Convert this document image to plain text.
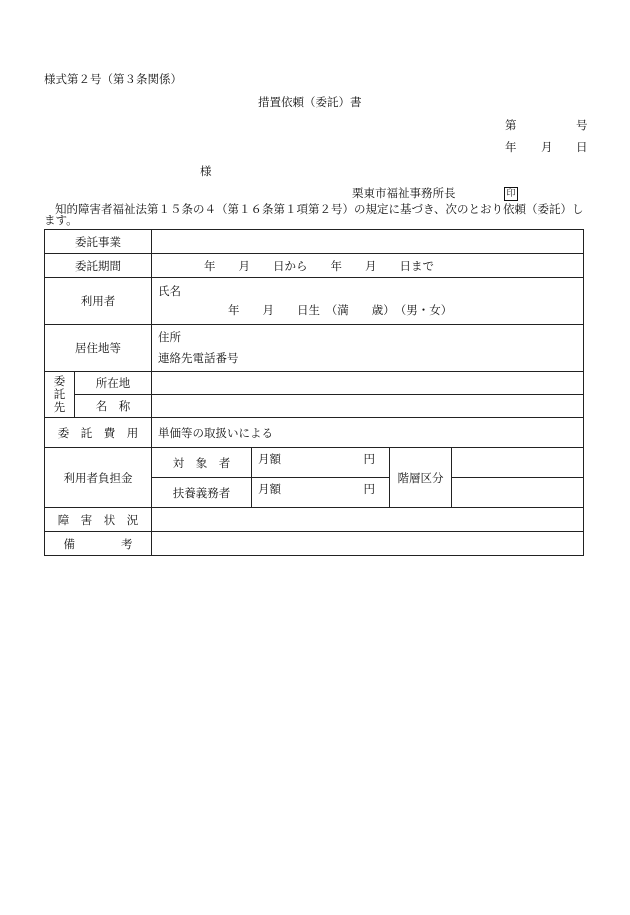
様式第２号（第３条関係）
措置依頼（委託）書
第	号
年 月 日
様
栗東市福祉事務所長	印
知的障害者福祉法第１５条の４（第１６条第１項第２号）の規定に基づき、次のとおり依頼（委託）します。
委託事業					
委託期間		年　　月　　日から　　年　　月　　日まで			
利用者		氏名
年　　月　　日生　（満　　歳）　（男・女）			

居住地等		住所
連絡先電話番号			

委託先	所在地				
	名　称				
委　託　費　用		単価等の取扱いによる			
利用者負担金		対　象　者	月額 円	階層区分	
		扶養義務者	月額 円		

障　害　状　況					
備　　　　考					
